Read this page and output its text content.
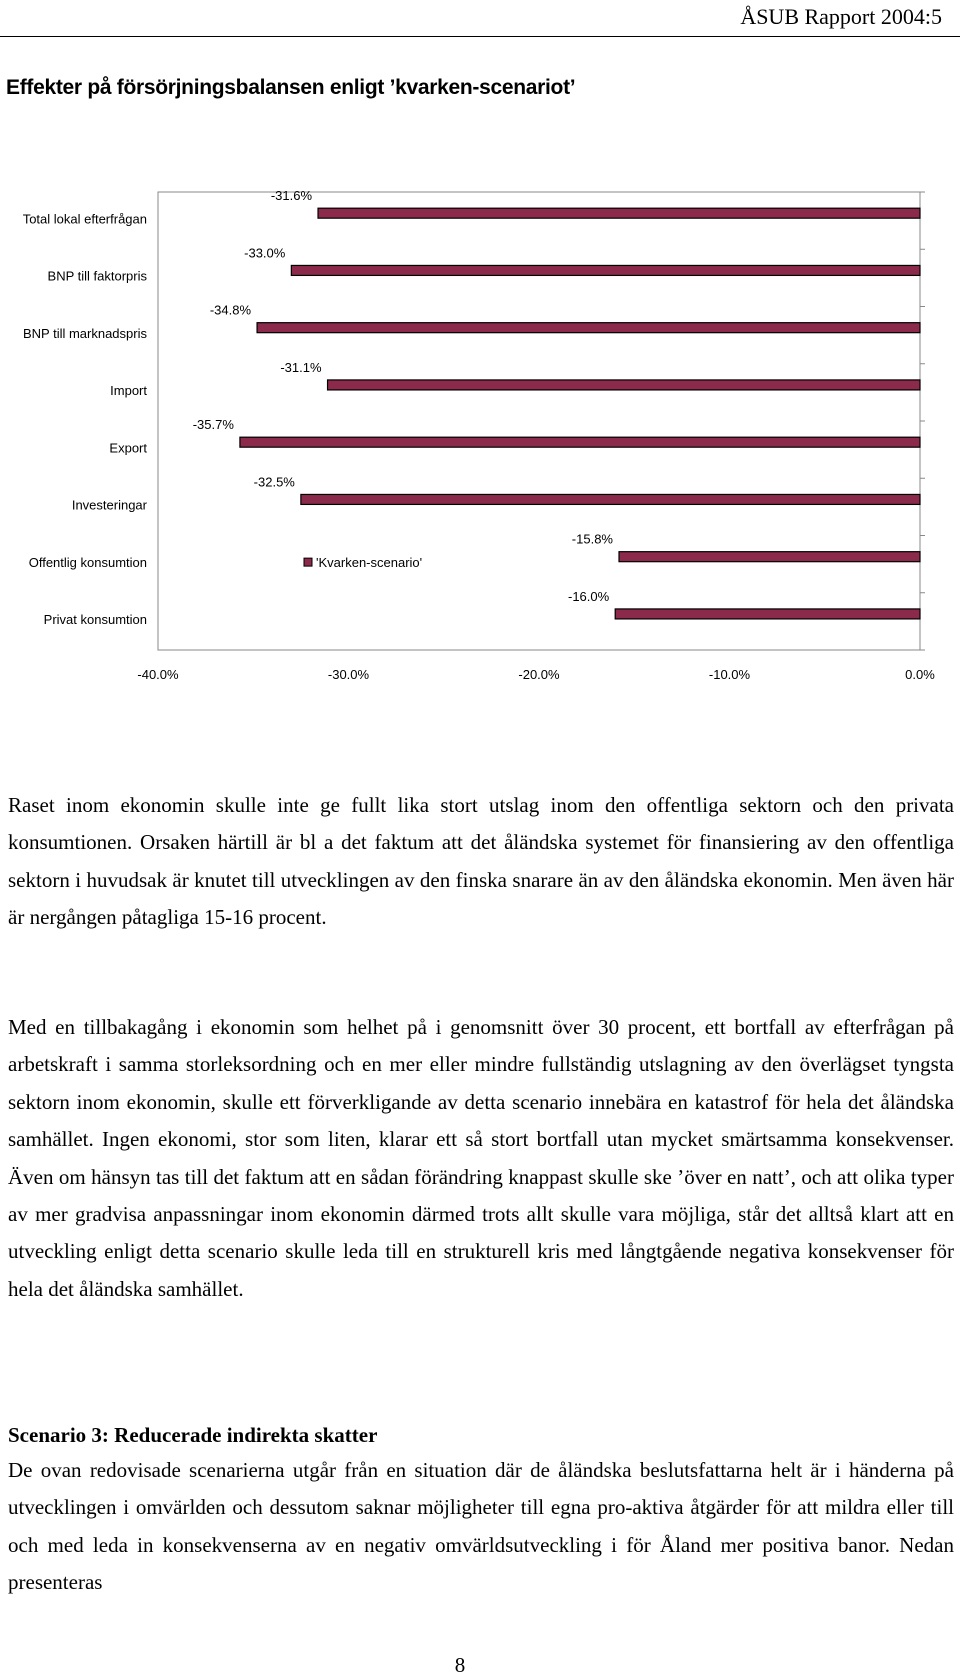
ÅSUB Rapport 2004:5
Effekter på försörjningsbalansen enligt ’kvarken-scenariot’
-31.6%
Total lokal efterfrågan
-33.0%
BNP till faktorpris
-34.8%
BNP till marknadspris
-31.1%
Import
-35.7%
Export
-32.5%
Investeringar
-15.8%
Offentlig konsumtion
-16.0%
Privat konsumtion
-40.0%	-30.0%	-20.0%	-10.0%	0.0%
'Kvarken-scenario'

Raset inom ekonomin skulle inte ge fullt lika stort utslag inom den offentliga sektorn och den privata konsumtionen. Orsaken härtill är bl a det faktum att det åländska systemet för finansiering av den offentliga sektorn i huvudsak är knutet till utvecklingen av den finska snarare än av den åländska ekonomin. Men även här är nergången påtagliga 15-16 procent.

Med en tillbakagång i ekonomin som helhet på i genomsnitt över 30 procent, ett bortfall av efterfrågan på arbetskraft i samma storleksordning och en mer eller mindre fullständig utslagning av den överlägset tyngsta sektorn inom ekonomin, skulle ett förverkligande av detta scenario innebära en katastrof för hela det åländska samhället. Ingen ekonomi, stor som liten, klarar ett så stort bortfall utan mycket smärtsamma konsekvenser. Även om hänsyn tas till det faktum att en sådan förändring knappast skulle ske ’över en natt’, och att olika typer av mer gradvisa anpassningar inom ekonomin därmed trots allt skulle vara möjliga, står det alltså klart att en utveckling enligt detta scenario skulle leda till en strukturell kris med långtgående negativa konsekvenser för hela det åländska samhället.

Scenario 3: Reducerade indirekta skatter

De ovan redovisade scenarierna utgår från en situation där de åländska beslutsfattarna helt är i händerna på utvecklingen i omvärlden och dessutom saknar möjligheter till egna pro-aktiva åtgärder för att mildra eller till och med leda in konsekvenserna av en negativ omvärldsutveckling i för Åland mer positiva banor. Nedan presenteras

8
